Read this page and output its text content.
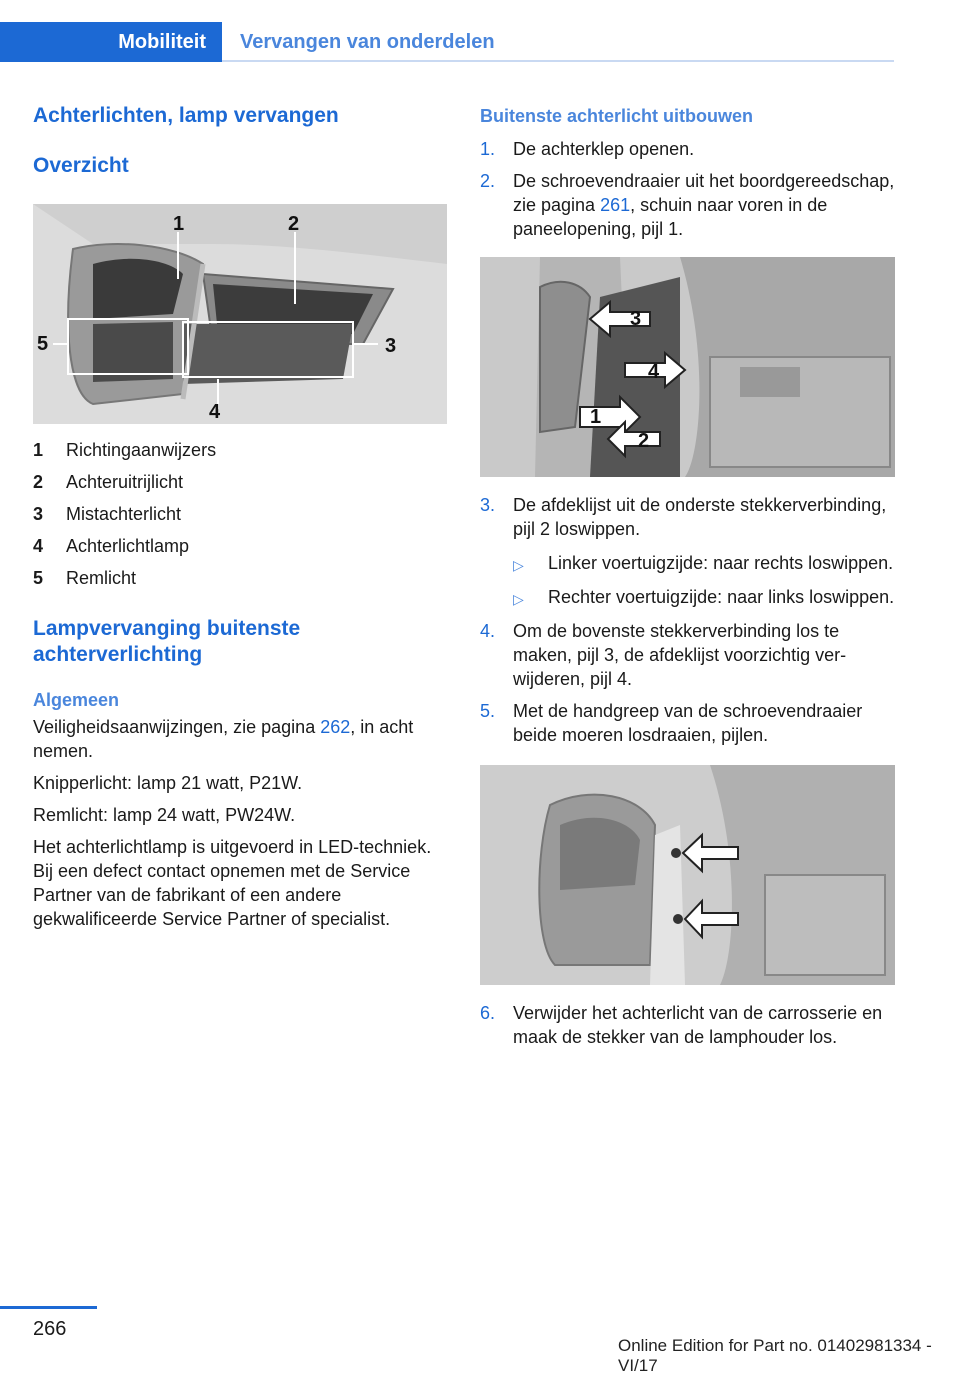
Mobiliteit Vervangen van onderdelen
Achterlichten, lamp vervangen
Overzicht
1	2
3
4
5
1	Richtingaanwijzers
2	Achteruitrijlicht
3	Mistachterlicht
4	Achterlichtlamp
5	Remlicht
Lampvervanging buitenste achterverlichting
Algemeen

Veiligheidsaanwijzingen, zie pagina 262, in acht nemen.

Knipperlicht: lamp 21 watt, P21W.

Remlicht: lamp 24 watt, PW24W.

Het achterlichtlamp is uitgevoerd in LED-techniek. Bij een defect contact opnemen met de Service Partner van de fabrikant of een andere gekwalificeerde Service Partner of specialist.

Buitenste achterlicht uitbouwen
1. De achterklep openen.
2. De schroevendraaier uit het boordgereedschap, zie pagina 261, schuin naar voren in de paneelopening, pijl 1.
3
4
1
2
3. De afdeklijst uit de onderste stekkerverbinding, pijl 2 loswippen.
▷	Linker voertuigzijde: naar rechts loswippen.
▷	Rechter voertuigzijde: naar links loswippen.
4. Om de bovenste stekkerverbinding los te maken, pijl 3, de afdeklijst voorzichtig verwijderen, pijl 4.
5. Met de handgreep van de schroevendraaier beide moeren losdraaien, pijlen.
6. Verwijder het achterlicht van de carrosserie en maak de stekker van de lamphouder los.
266
Online Edition for Part no. 01402981334 - VI/17
